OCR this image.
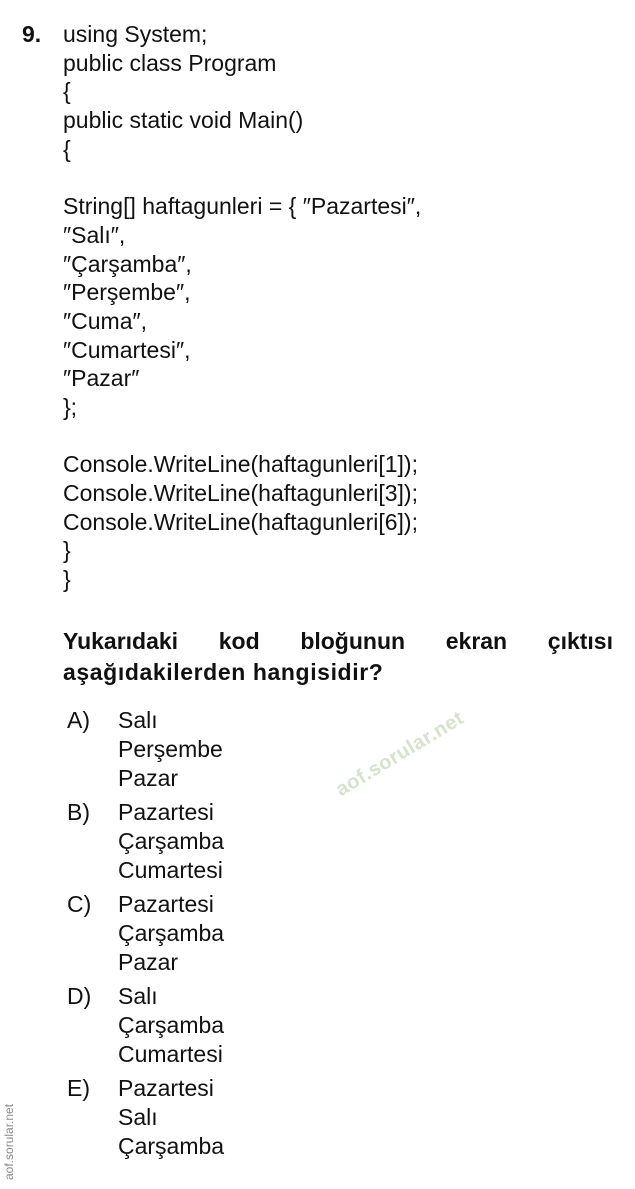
9. using System;
public class Program
{
public static void Main()
{
String[] haftagunleri = { ″Pazartesi″,
″Salı″,
″Çarşamba″,
″Perşembe″,
″Cuma″,
″Cumartesi″,
″Pazar″
};
Console.WriteLine(haftagunleri[1]);
Console.WriteLine(haftagunleri[3]);
Console.WriteLine(haftagunleri[6]);
}
}
Yukarıdaki kod bloğunun ekran çıktısı
aşağıdakilerden hangisidir?
A)	Salı
Perşembe
Pazar
B)	Pazartesi
Çarşamba
Cumartesi
C)	Pazartesi
Çarşamba
Pazar
D)	Salı
Çarşamba
Cumartesi
E)	Pazartesi
Salı
Çarşamba
aof.sorular.net
aof.sorular.net
